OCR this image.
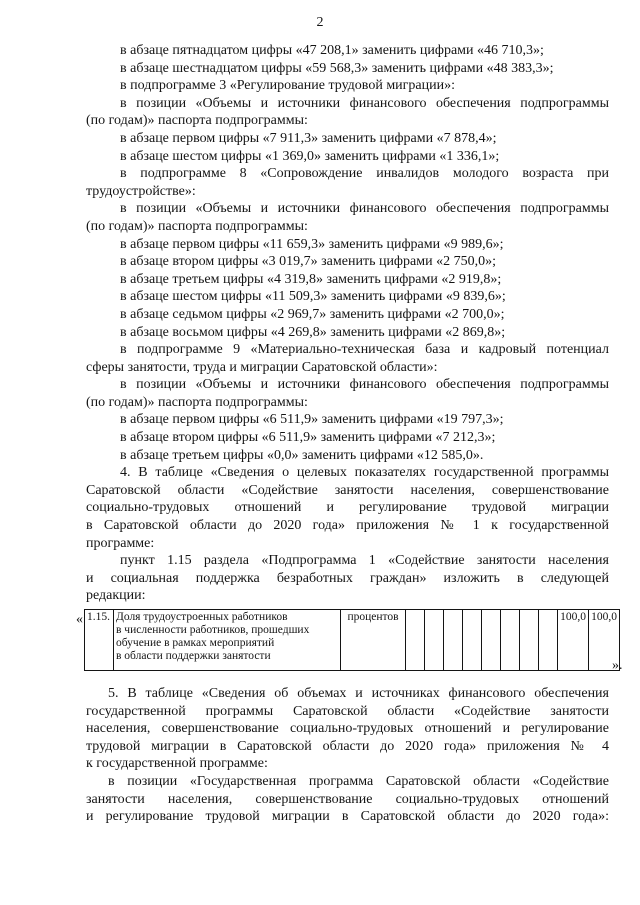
2
в абзаце пятнадцатом цифры «47 208,1» заменить цифрами «46 710,3»;
в абзаце шестнадцатом цифры «59 568,3» заменить цифрами «48 383,3»;
в подпрограмме 3 «Регулирование трудовой миграции»:
в позиции «Объемы и источники финансового обеспечения подпрограммы
(по годам)» паспорта подпрограммы:
в абзаце первом цифры «7 911,3» заменить цифрами «7 878,4»;
в абзаце шестом цифры «1 369,0» заменить цифрами «1 336,1»;
в подпрограмме 8 «Сопровождение инвалидов молодого возраста при
трудоустройстве»:
в позиции «Объемы и источники финансового обеспечения подпрограммы
(по годам)» паспорта подпрограммы:
в абзаце первом цифры «11 659,3» заменить цифрами «9 989,6»;
в абзаце втором цифры «3 019,7» заменить цифрами «2 750,0»;
в абзаце третьем цифры «4 319,8» заменить цифрами «2 919,8»;
в абзаце шестом цифры «11 509,3» заменить цифрами «9 839,6»;
в абзаце седьмом цифры «2 969,7» заменить цифрами «2 700,0»;
в абзаце восьмом цифры «4 269,8» заменить цифрами «2 869,8»;
в подпрограмме 9 «Материально-техническая база и кадровый потенциал
сферы занятости, труда и миграции Саратовской области»:
в позиции «Объемы и источники финансового обеспечения подпрограммы
(по годам)» паспорта подпрограммы:
в абзаце первом цифры «6 511,9» заменить цифрами «19 797,3»;
в абзаце втором цифры «6 511,9» заменить цифрами «7 212,3»;
в абзаце третьем цифры «0,0» заменить цифрами «12 585,0».
4. В таблице «Сведения о целевых показателях государственной программы
Саратовской области «Содействие занятости населения, совершенствование
социально-трудовых отношений и регулирование трудовой миграции
в Саратовской области до 2020 года» приложения № 1 к государственной
программе:
пункт 1.15 раздела «Подпрограмма 1 «Содействие занятости населения
и социальная поддержка безработных граждан» изложить в следующей
редакции:
« 1.15.	Доля трудоустроенных работников
в численности работников, прошедших
обучение в рамках мероприятий
в области поддержки занятости
	процентов									100,0	100,0
».
5. В таблице «Сведения об объемах и источниках финансового обеспечения
государственной программы Саратовской области «Содействие занятости
населения, совершенствование социально-трудовых отношений и регулирование
трудовой миграции в Саратовской области до 2020 года» приложения № 4
к государственной программе:
в позиции «Государственная программа Саратовской области «Содействие
занятости населения, совершенствование социально-трудовых отношений
и регулирование трудовой миграции в Саратовской области до 2020 года»:
